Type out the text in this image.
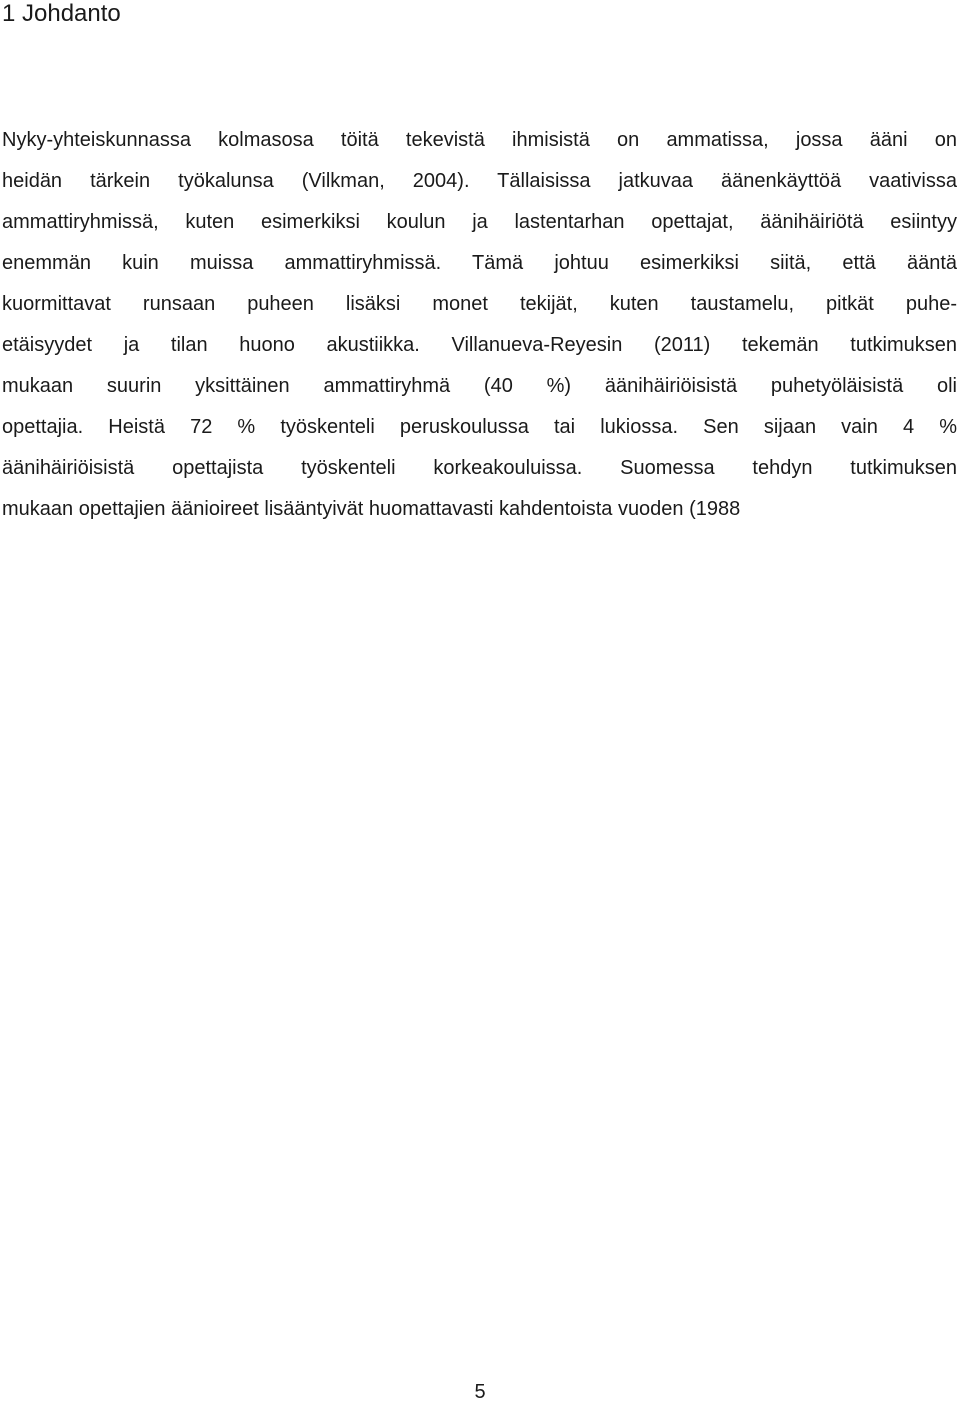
1 Johdanto
Nyky-yhteiskunnassa kolmasosa töitä tekevistä ihmisistä on ammatissa, jossa ääni on
heidän tärkein työkalunsa (Vilkman, 2004). Tällaisissa jatkuvaa äänenkäyttöä vaativissa
ammattiryhmissä, kuten esimerkiksi koulun ja lastentarhan opettajat, äänihäiriötä esiintyy
enemmän kuin muissa ammattiryhmissä. Tämä johtuu esimerkiksi siitä, että ääntä
kuormittavat runsaan puheen lisäksi monet tekijät, kuten taustamelu, pitkät puhe-
etäisyydet ja tilan huono akustiikka. Villanueva-Reyesin (2011) tekemän tutkimuksen
mukaan suurin yksittäinen ammattiryhmä (40 %) äänihäiriöisistä puhetyöläisistä oli
opettajia. Heistä 72 % työskenteli peruskoulussa tai lukiossa. Sen sijaan vain 4 %
äänihäiriöisistä opettajista työskenteli korkeakouluissa. Suomessa tehdyn tutkimuksen
mukaan opettajien äänioireet lisääntyivät huomattavasti kahdentoista vuoden (1988
5
